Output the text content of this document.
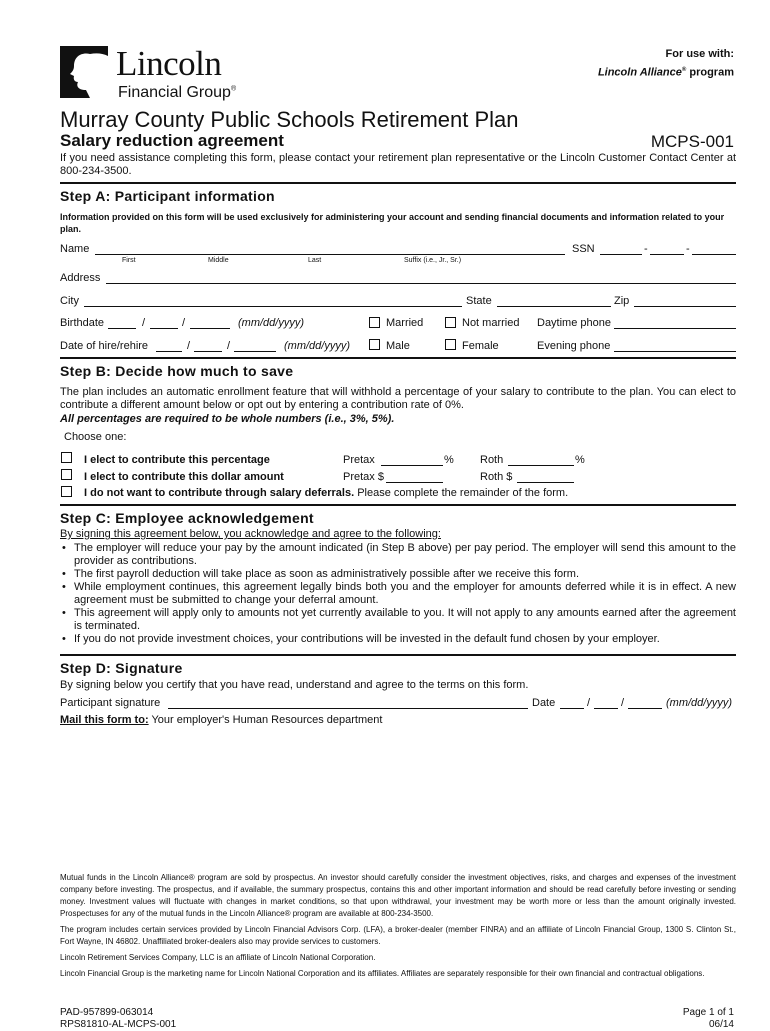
Lincoln
Financial Group®
For use with:
Lincoln Alliance® program
Murray County Public Schools Retirement Plan
Salary reduction agreement	MCPS-001
If you need assistance completing this form, please contact your retirement plan representative or the Lincoln Customer Contact Center at 800-234-3500.
Step A: Participant information
Information provided on this form will be used exclusively for administering your account and sending financial documents and information related to your plan.
Name
First	Middle	Last	Suffix (i.e., Jr., Sr.)
SSN	-	-
Address
City	State	Zip
Birthdate	/	/	(mm/dd/yyyy)	Married	Not married Daytime phone
Date of hire/rehire	/	/	(mm/dd/yyyy)	Male	Female	Evening phone
Step B: Decide how much to save
The plan includes an automatic enrollment feature that will withhold a percentage of your salary to contribute to the plan. You can elect to contribute a different amount below or opt out by entering a contribution rate of 0%.
All percentages are required to be whole numbers (i.e., 3%, 5%).
Choose one:
I elect to contribute this percentage	Pretax	% Roth	%
I elect to contribute this dollar amount	Pretax $	Roth $
I do not want to contribute through salary deferrals. Please complete the remainder of the form.
Step C: Employee acknowledgement
By signing this agreement below, you acknowledge and agree to the following:
• The employer will reduce your pay by the amount indicated (in Step B above) per pay period. The employer will send this amount to the provider as contributions.
• The first payroll deduction will take place as soon as administratively possible after we receive this form.
• While employment continues, this agreement legally binds both you and the employer for amounts deferred while it is in effect. A new agreement must be submitted to change your deferral amount.
• This agreement will apply only to amounts not yet currently available to you. It will not apply to any amounts earned after the agreement is terminated.
• If you do not provide investment choices, your contributions will be invested in the default fund chosen by your employer.
Step D: Signature
By signing below you certify that you have read, understand and agree to the terms on this form.
Participant signature	Date	/	/	(mm/dd/yyyy)
Mail this form to: Your employer's Human Resources department

Mutual funds in the Lincoln Alliance® program are sold by prospectus. An investor should carefully consider the investment objectives, risks, and charges and expenses of the investment company before investing. The prospectus, and if available, the summary prospectus, contains this and other important information and should be read carefully before investing or sending money. Investment values will fluctuate with changes in market conditions, so that upon withdrawal, your investment may be worth more or less than the amount originally invested. Prospectuses for any of the mutual funds in the Lincoln Alliance® program are available at 800-234-3500.

The program includes certain services provided by Lincoln Financial Advisors Corp. (LFA), a broker-dealer (member FINRA) and an affiliate of Lincoln Financial Group, 1300 S. Clinton St., Fort Wayne, IN 46802. Unaffiliated broker-dealers also may provide services to customers.

Lincoln Retirement Services Company, LLC is an affiliate of Lincoln National Corporation.

Lincoln Financial Group is the marketing name for Lincoln National Corporation and its affiliates. Affiliates are separately responsible for their own financial and contractual obligations.

PAD-957899-063014
RPS81810-AL-MCPS-001
Page 1 of 1
06/14
